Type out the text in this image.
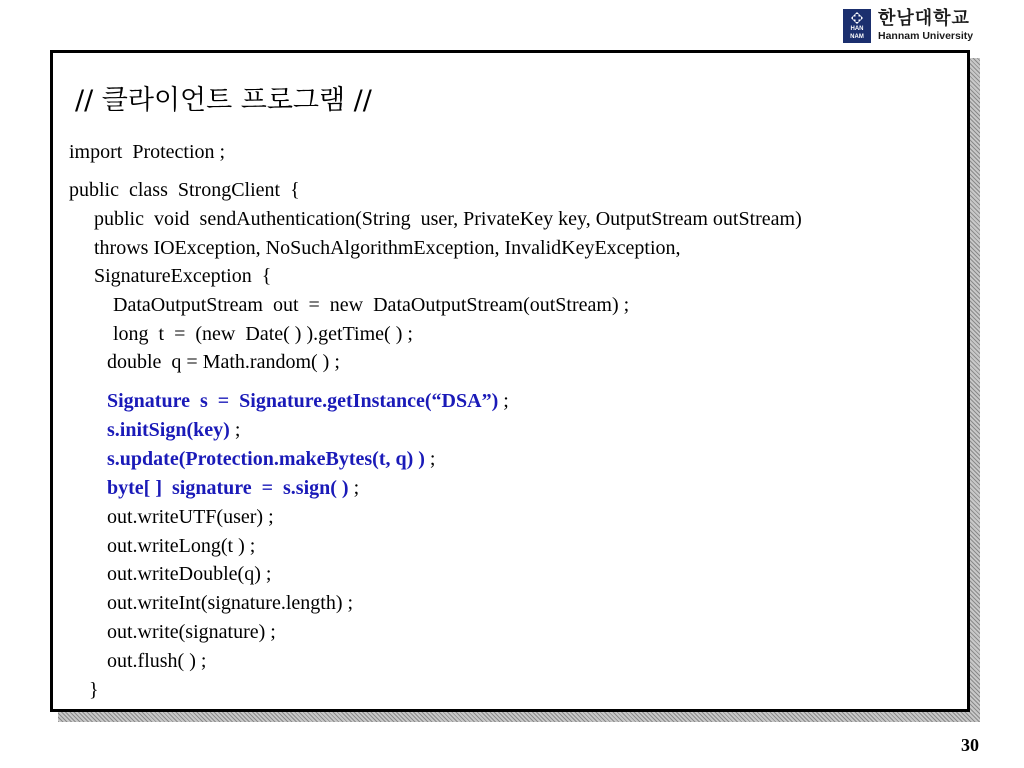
HAN
NAM
한남대학교
Hannam University
// 클라이언트 프로그램 //
import  Protection ;
public  class  StrongClient  {
public  void  sendAuthentication(String  user, PrivateKey key, OutputStream outStream)
throws IOException, NoSuchAlgorithmException, InvalidKeyException,
SignatureException  {
DataOutputStream  out  =  new  DataOutputStream(outStream) ;
long  t  =  (new  Date( ) ).getTime( ) ;
double  q = Math.random( ) ;
Signature  s  =  Signature.getInstance(“DSA”) ;
s.initSign(key) ;
s.update(Protection.makeBytes(t, q) ) ;
byte[ ]  signature  =  s.sign( ) ;
out.writeUTF(user) ;
out.writeLong(t ) ;
out.writeDouble(q) ;
out.writeInt(signature.length) ;
out.write(signature) ;
out.flush( ) ;
}
30
